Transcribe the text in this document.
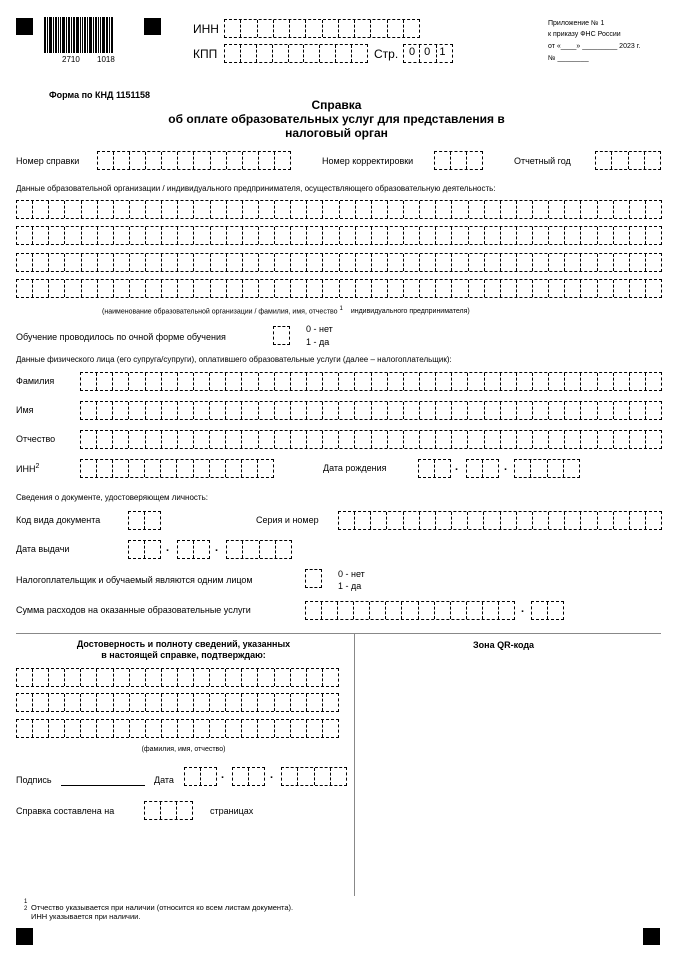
2710 1018
ИНН
КПП	Стр. 0 0 1
Приложение № 1
к приказу ФНС России
от «____» _________ 2023 г.
№ ________
Форма по КНД 1151158
Справка
об оплате образовательных услуг для представления в
налоговый орган
Номер справки	Номер корректировки	Отчетный год
Данные образовательной организации / индивидуального предпринимателя, осуществляющего образовательную деятельность:
(наименование образовательной организации / фамилия, имя, отчество $^1$ индивидуального предпринимателя)
Обучение проводилось по очной форме обучения
0 - нет
1 - да
Данные физического лица (его супруга/супруги), оплатившего образовательные услуги (далее – налогоплательщик):
Фамилия
Имя
Отчество
ИНН$^2$	Дата рождения	.	.
Сведения о документе, удостоверяющем личность:
Код вида документа	Серия и номер
Дата выдачи	.	.
Налогоплательщик и обучаемый являются одним лицом
0 - нет
1 - да
Сумма расходов на оказанные образовательные услуги	.
Достоверность и полноту сведений, указанных
в настоящей справке, подтверждаю:
(фамилия, имя, отчество)
Подпись	Дата	.	.
Справка составлена на	страницах
Зона QR-кода
1
2 Отчество указывается при наличии (относится ко всем листам документа).
ИНН указывается при наличии.
